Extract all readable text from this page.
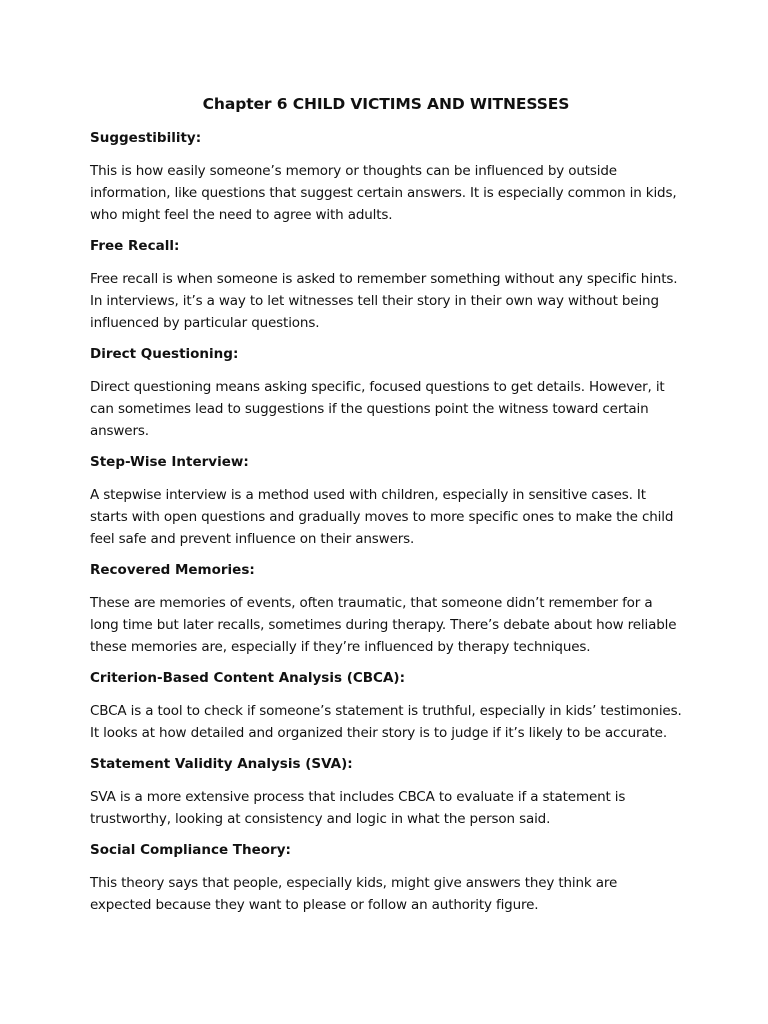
Chapter 6 CHILD VICTIMS AND WITNESSES
Suggestibility:
This is how easily someone’s memory or thoughts can be influenced by outside information, like questions that suggest certain answers. It is especially common in kids, who might feel the need to agree with adults.
Free Recall:
Free recall is when someone is asked to remember something without any specific hints. In interviews, it’s a way to let witnesses tell their story in their own way without being influenced by particular questions.
Direct Questioning:
Direct questioning means asking specific, focused questions to get details. However, it can sometimes lead to suggestions if the questions point the witness toward certain answers.
Step-Wise Interview:
A stepwise interview is a method used with children, especially in sensitive cases. It starts with open questions and gradually moves to more specific ones to make the child feel safe and prevent influence on their answers.
Recovered Memories:
These are memories of events, often traumatic, that someone didn’t remember for a long time but later recalls, sometimes during therapy. There’s debate about how reliable these memories are, especially if they’re influenced by therapy techniques.
Criterion-Based Content Analysis (CBCA):
CBCA is a tool to check if someone’s statement is truthful, especially in kids’ testimonies. It looks at how detailed and organized their story is to judge if it’s likely to be accurate.
Statement Validity Analysis (SVA):
SVA is a more extensive process that includes CBCA to evaluate if a statement is trustworthy, looking at consistency and logic in what the person said.
Social Compliance Theory:
This theory says that people, especially kids, might give answers they think are expected because they want to please or follow an authority figure.
